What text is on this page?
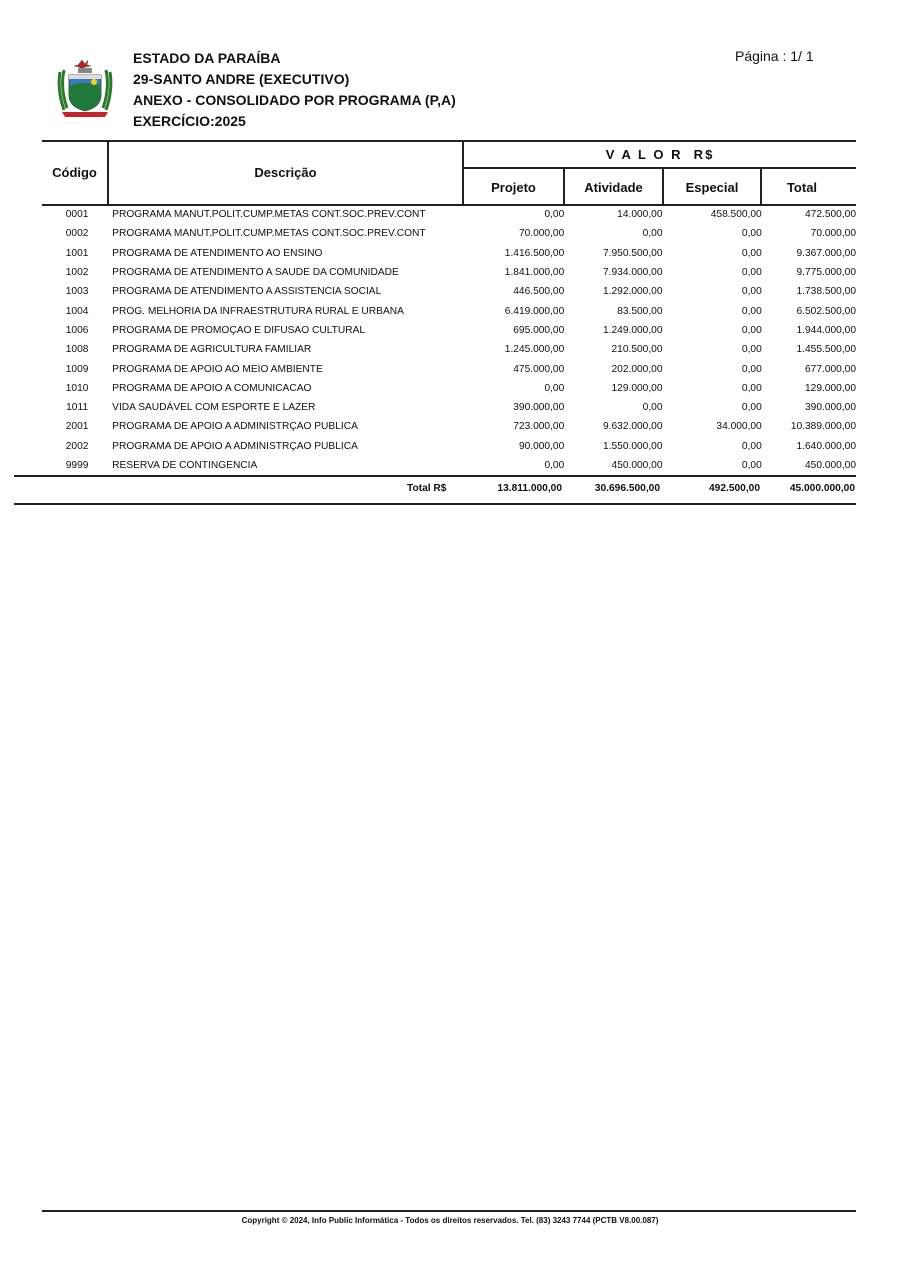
ESTADO DA PARAÍBA
29-SANTO ANDRE (EXECUTIVO)
ANEXO - CONSOLIDADO POR PROGRAMA (P,A)
EXERCÍCIO:2025
Página : 1/ 1
Código	Descrição
V A L O R  R$
Projeto	Atividade	Especial	Total
0001	PROGRAMA MANUT.POLIT.CUMP.METAS CONT.SOC.PREV.CONT	0,00	14.000,00	458.500,00	472.500,00
0002	PROGRAMA MANUT.POLIT.CUMP.METAS CONT.SOC.PREV.CONT	70.000,00	0,00	0,00	70.000,00
1001	PROGRAMA DE ATENDIMENTO AO ENSINO	1.416.500,00	7.950.500,00	0,00	9.367.000,00
1002	PROGRAMA DE ATENDIMENTO A SAUDE DA COMUNIDADE	1.841.000,00	7.934.000,00	0,00	9.775.000,00
1003	PROGRAMA DE ATENDIMENTO A ASSISTENCIA SOCIAL	446.500,00	1.292.000,00	0,00	1.738.500,00
1004	PROG. MELHORIA DA INFRAESTRUTURA RURAL E URBANA	6.419.000,00	83.500,00	0,00	6.502.500,00
1006	PROGRAMA DE PROMOÇAO E DIFUSAO CULTURAL	695.000,00	1.249.000,00	0,00	1.944.000,00
1008	PROGRAMA DE AGRICULTURA FAMILIAR	1.245.000,00	210.500,00	0,00	1.455.500,00
1009	PROGRAMA DE APOIO AO MEIO AMBIENTE	475.000,00	202.000,00	0,00	677.000,00
1010	PROGRAMA DE APOIO A COMUNICACAO	0,00	129.000,00	0,00	129.000,00
1011	VIDA SAUDÁVEL COM ESPORTE E LAZER	390.000,00	0,00	0,00	390.000,00
2001	PROGRAMA DE APOIO A ADMINISTRÇAO PUBLICA	723.000,00	9.632.000,00	34.000,00	10.389.000,00
2002	PROGRAMA DE APOIO A ADMINISTRÇAO PUBLICA	90.000,00	1.550.000,00	0,00	1.640.000,00
9999	RESERVA DE CONTINGENCIA	0,00	450.000,00	0,00	450.000,00
Total R$	13.811.000,00	30.696.500,00	492.500,00	45.000.000,00
Copyright © 2024, Info Public Informática - Todos os direitos reservados. Tel. (83) 3243 7744 (PCTB V8.00.087)
